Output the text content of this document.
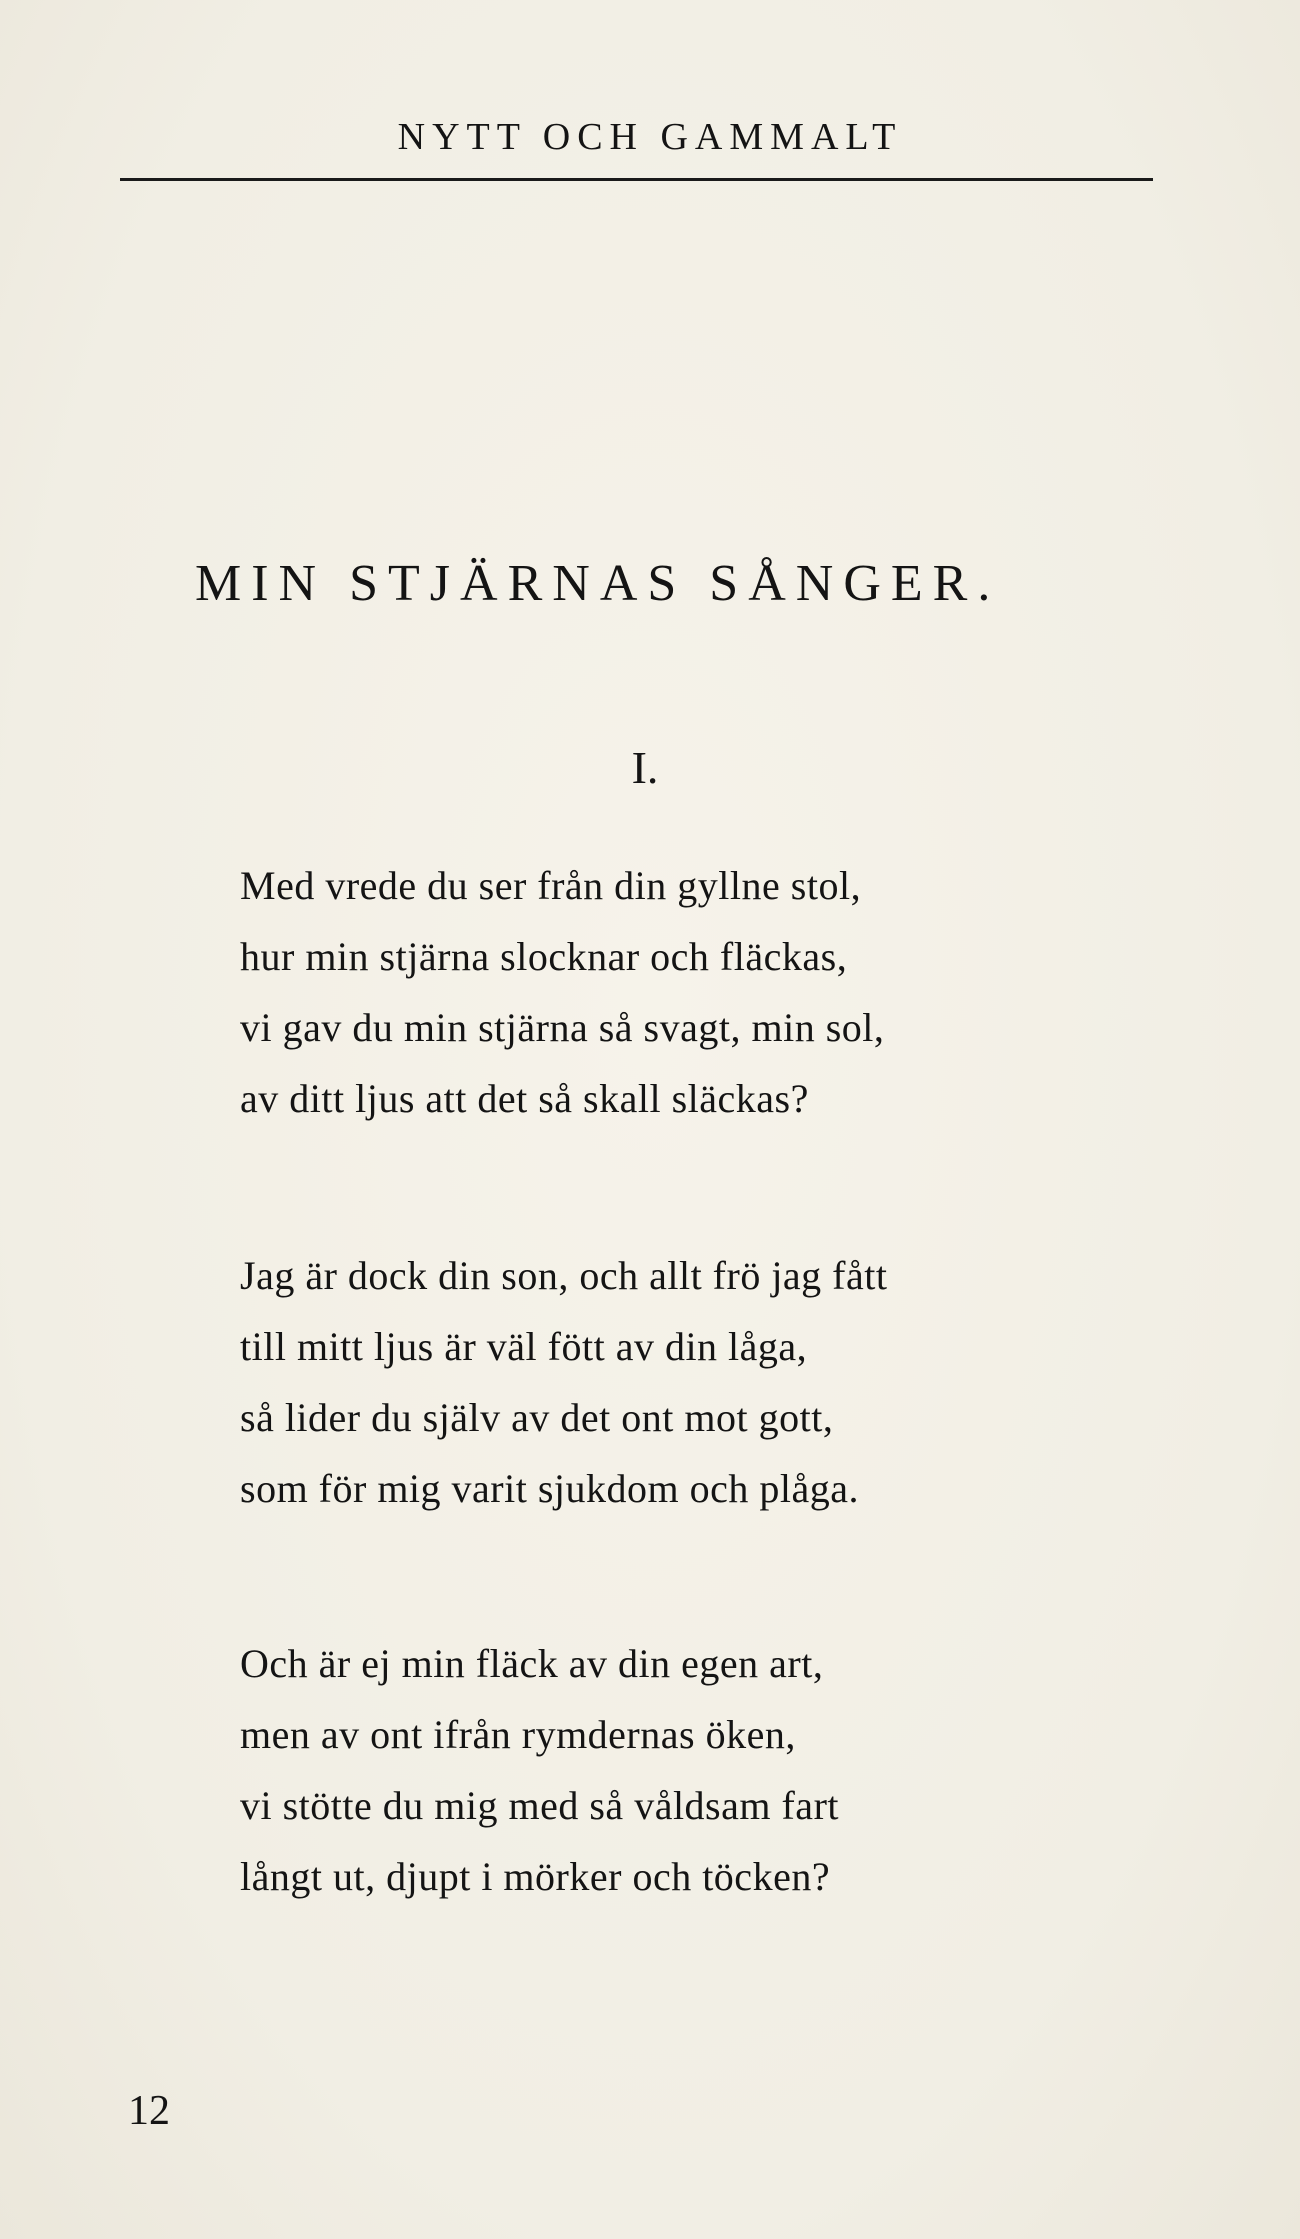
NYTT OCH GAMMALT
MIN STJÄRNAS SÅNGER.
I.
Med vrede du ser från din gyllne stol,
hur min stjärna slocknar och fläckas,
vi gav du min stjärna så svagt, min sol,
av ditt ljus att det så skall släckas?
Jag är dock din son, och allt frö jag fått
till mitt ljus är väl fött av din låga,
så lider du själv av det ont mot gott,
som för mig varit sjukdom och plåga.
Och är ej min fläck av din egen art,
men av ont ifrån rymdernas öken,
vi stötte du mig med så våldsam fart
långt ut, djupt i mörker och töcken?
12
